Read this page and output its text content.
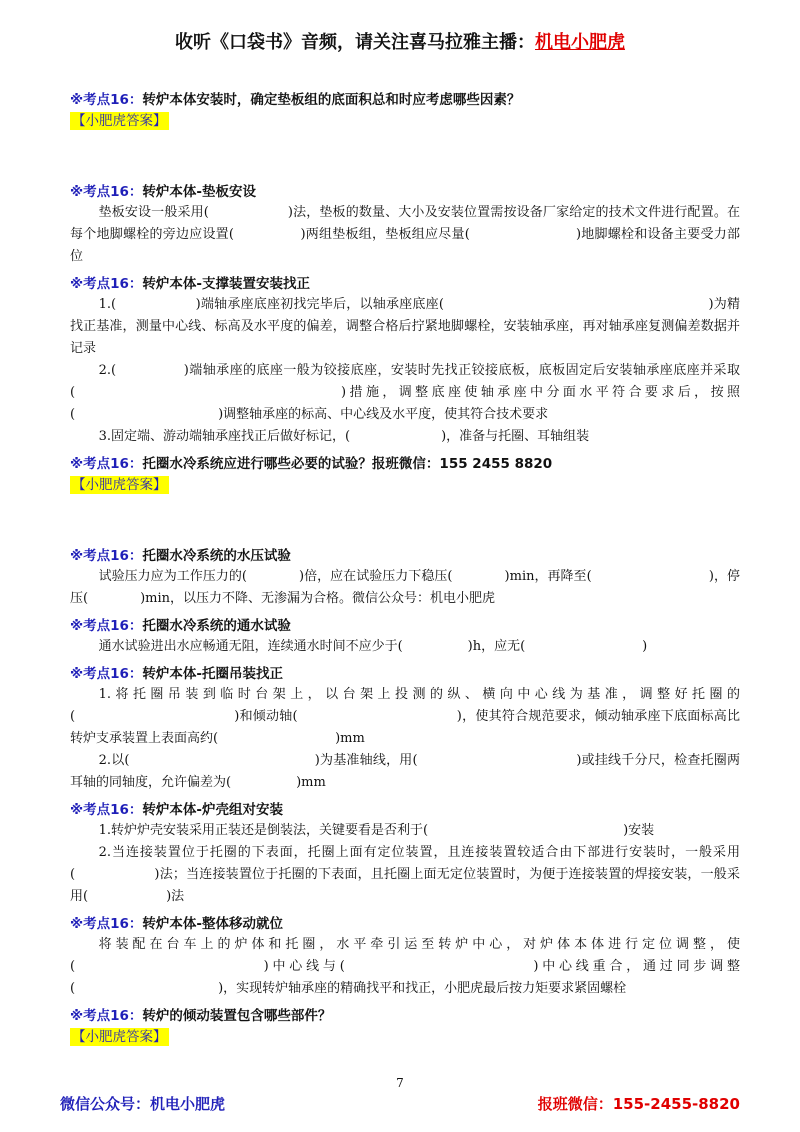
收听《口袋书》音频，请关注喜马拉雅主播：机电小肥虎
※考点16：转炉本体安装时，确定垫板组的底面积总和时应考虑哪些因素？
【小肥虎答案】
※考点16：转炉本体-垫板安设
垫板安设一般采用(　　　　　　)法，垫板的数量、大小及安装位置需按设备厂家给定的技术文件进行配置。在每个地脚螺栓的旁边应设置(　　　　　)两组垫板组，垫板组应尽量(　　　　　　　　)地脚螺栓和设备主要受力部位
※考点16：转炉本体-支撑装置安装找正
1.(　　　　　　)端轴承座底座初找完毕后，以轴承座底座(　　　　　　　　　　　　　　　　　　　　)为精找正基准，测量中心线、标高及水平度的偏差，调整合格后拧紧地脚螺栓，安装轴承座，再对轴承座复测偏差数据并记录
2.(　　　　　)端轴承座的底座一般为铰接底座，安装时先找正铰接底板，底板固定后安装轴承座底座并采取(　　　　　　　　　　　　　　　　)措施，调整底座使轴承座中分面水平符合要求后，按照(　　　　　　　　　　　)调整轴承座的标高、中心线及水平度，使其符合技术要求
3.固定端、游动端轴承座找正后做好标记，(　　　　　　　)，准备与托圈、耳轴组装
※考点16：托圈水冷系统应进行哪些必要的试验？报班微信：155 2455 8820
【小肥虎答案】
※考点16：托圈水冷系统的水压试验
试验压力应为工作压力的(　　　　)倍，应在试验压力下稳压(　　　　)min，再降至(　　　　　　　　　)，停压(　　　　)min，以压力不降、无渗漏为合格。微信公众号：机电小肥虎
※考点16：托圈水冷系统的通水试验
通水试验进出水应畅通无阻，连续通水时间不应少于(　　　　　)h，应无(　　　　　　　　　)
※考点16：转炉本体-托圈吊装找正
1.将托圈吊装到临时台架上，以台架上投测的纵、横向中心线为基准，调整好托圈的(　　　　　　　　　　　　)和倾动轴(　　　　　　　　　　　　)，使其符合规范要求，倾动轴承座下底面标高比转炉支承装置上表面高约(　　　　　　　　　)mm
2.以(　　　　　　　　　　　　　　)为基准轴线，用(　　　　　　　　　　　　)或挂线千分尺，检查托圈两耳轴的同轴度，允许偏差为(　　　　　)mm
※考点16：转炉本体-炉壳组对安装
1.转炉炉壳安装采用正装还是倒装法，关键要看是否利于(　　　　　　　　　　　　　　　)安装
2.当连接装置位于托圈的下表面，托圈上面有定位装置，且连接装置较适合由下部进行安装时，一般采用(　　　　　　)法；当连接装置位于托圈的下表面，且托圈上面无定位装置时，为便于连接装置的焊接安装，一般采用(　　　　　　)法
※考点16：转炉本体-整体移动就位
将装配在台车上的炉体和托圈，水平牵引运至转炉中心，对炉体本体进行定位调整，使(　　　　　　　　　　　)中心线与(　　　　　　　　　　　)中心线重合，通过同步调整(　　　　　　　　　　　)，实现转炉轴承座的精确找平和找正，小肥虎最后按力矩要求紧固螺栓
※考点16：转炉的倾动装置包含哪些部件？
【小肥虎答案】
7
微信公众号：机电小肥虎	报班微信：155-2455-8820
